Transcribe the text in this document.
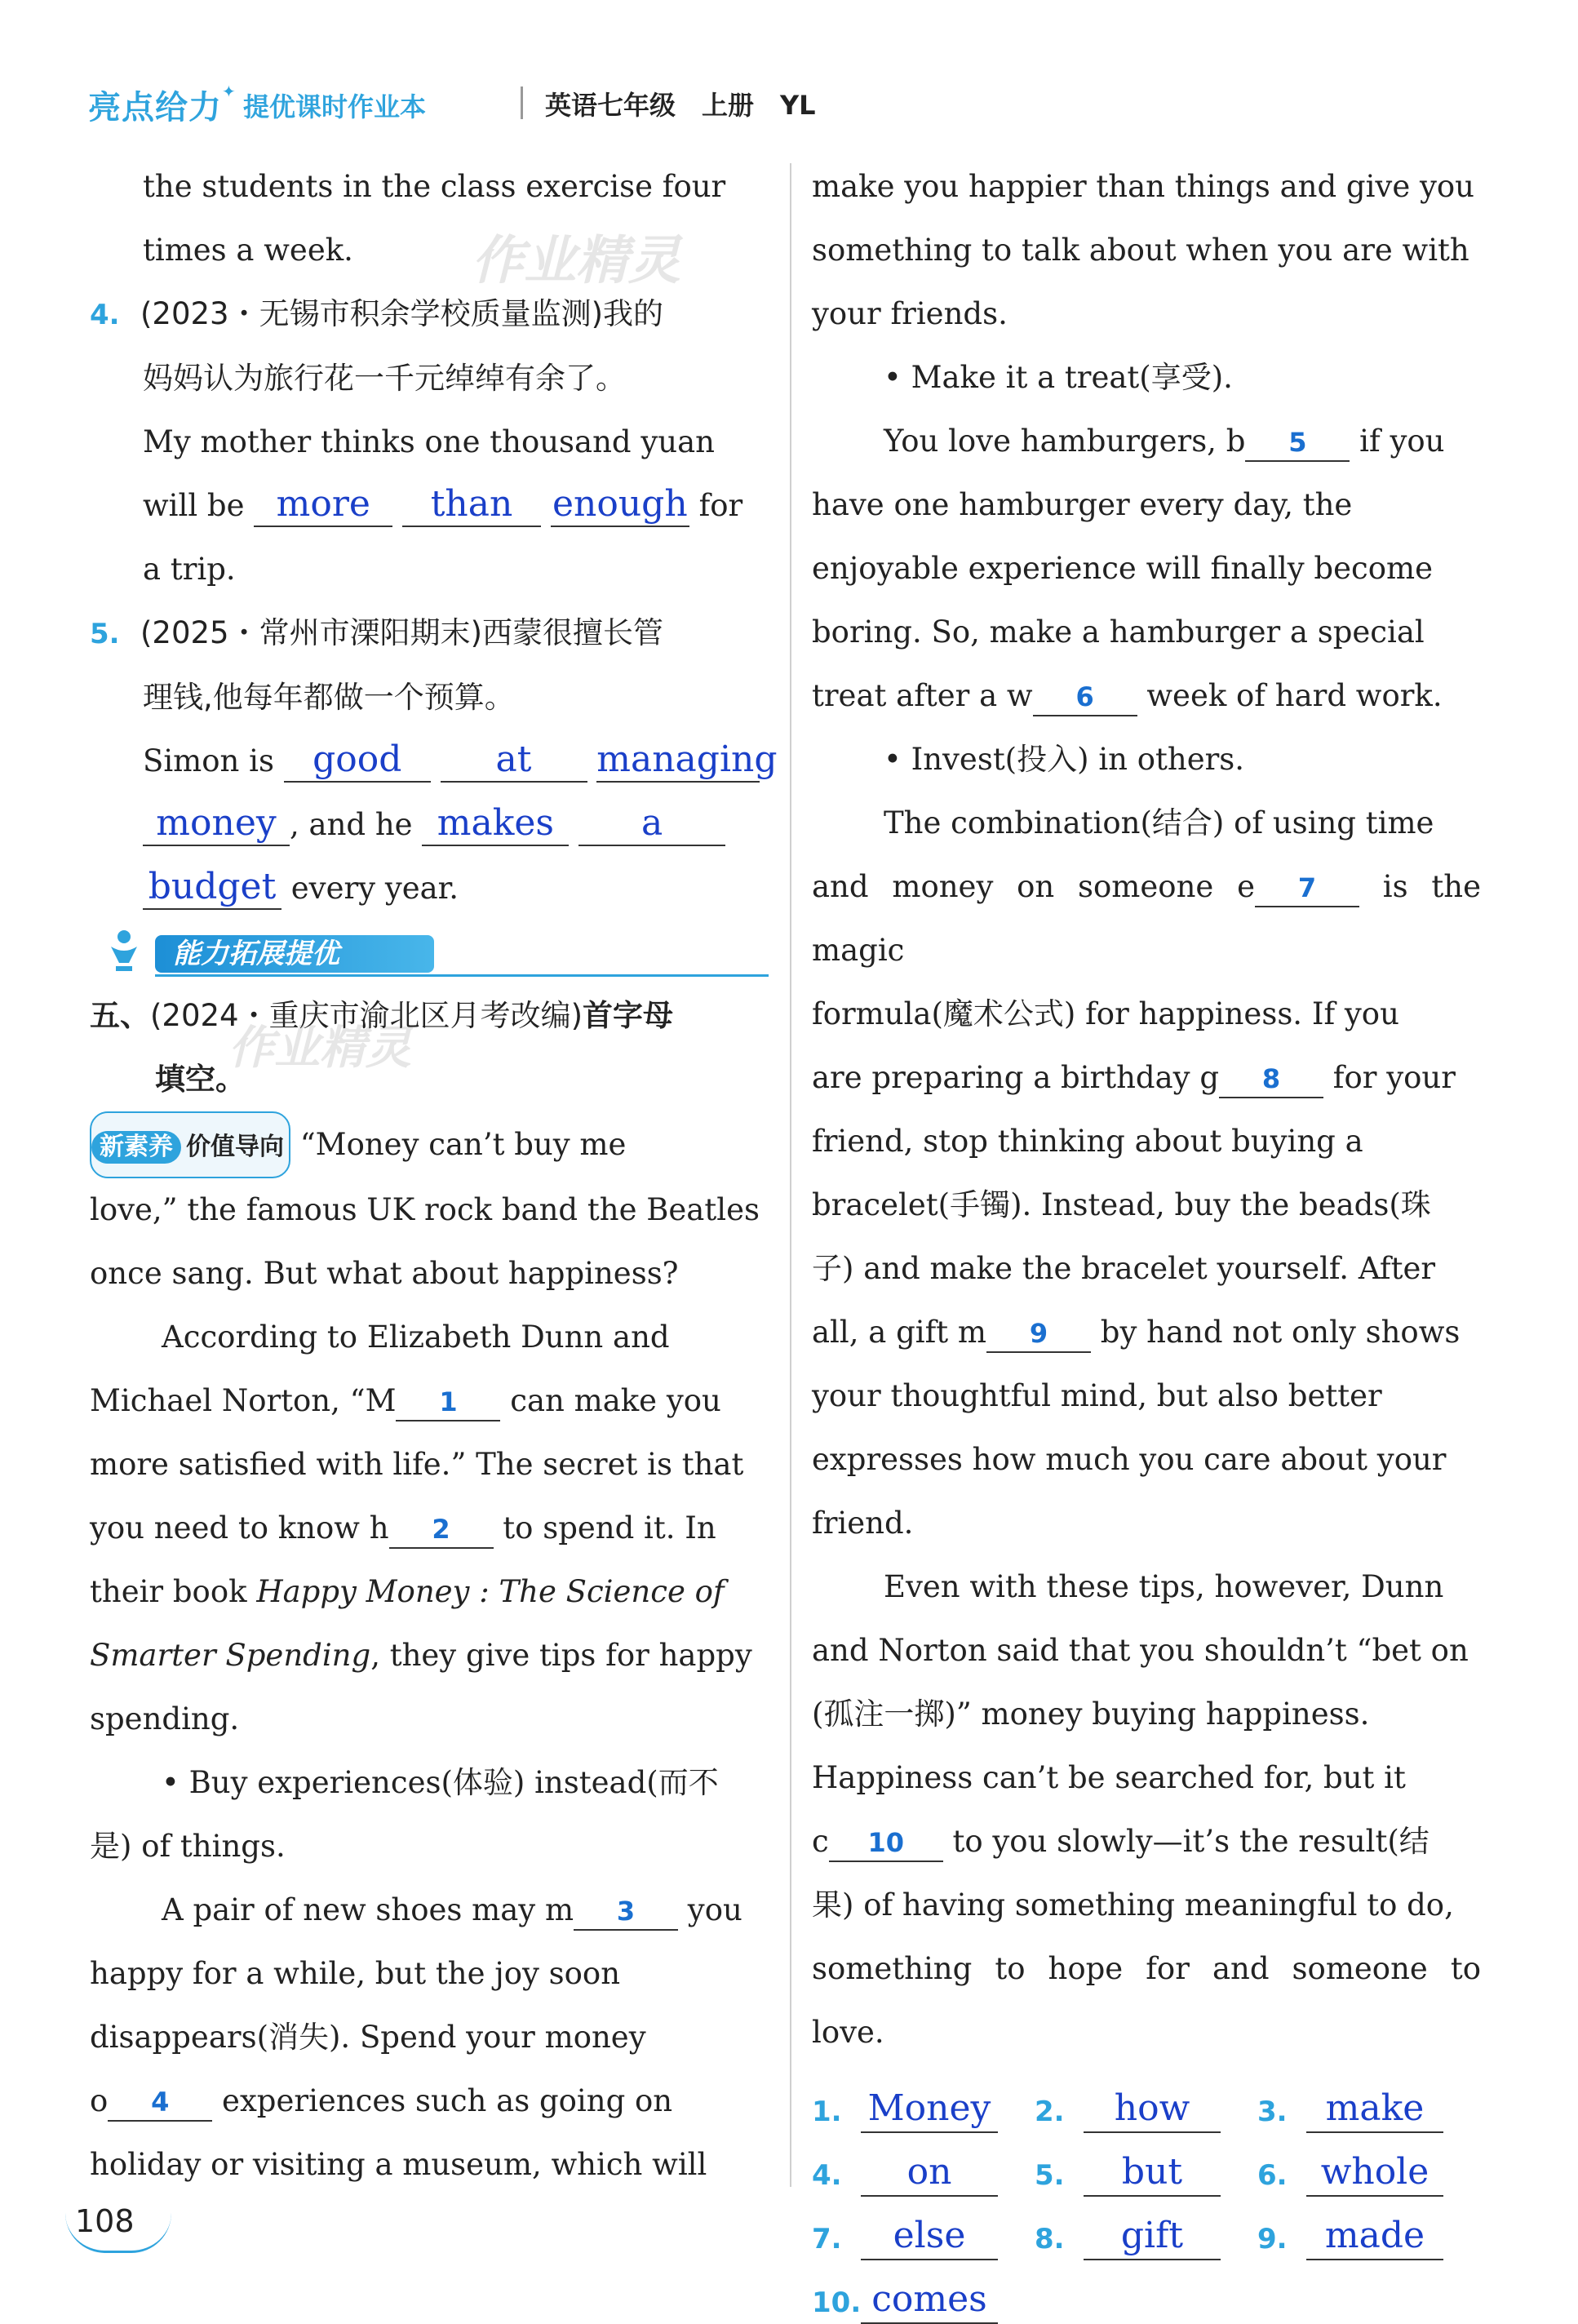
亮点给力✦ 提优课时作业本	英语七年级　上册　YL
作业精灵
作业精灵

the students in the class exercise four

times a week.

4. (2023・无锡市积余学校质量监测)我的

妈妈认为旅行花一千元绰绰有余了。

My mother thinks one thousand yuan

will be more than enough for

a trip.

5. (2025・常州市溧阳期末)西蒙很擅长管

理钱,他每年都做一个预算。

Simon is good	at managing

money , and he makes a

budget every year.

能力拓展提优

五、(2024・重庆市渝北区月考改编)首字母

填空。

新素养 价值导向 “Money can’t buy me

love,” the famous UK rock band the Beatles

once sang. But what about happiness?

According to Elizabeth Dunn and

Michael Norton, “M 1 can make you

more satisfied with life.” The secret is that

you need to know h 2 to spend it. In

their book Happy Money : The Science of

Smarter Spending, they give tips for happy

spending.

• Buy experiences(体验) instead(而不

是) of things.

A pair of new shoes may m 3 you

happy for a while, but the joy soon

disappears(消失). Spend your money

o 4 experiences such as going on

holiday or visiting a museum, which will

make you happier than things and give you

something to talk about when you are with

your friends.

• Make it a treat(享受).

You love hamburgers, b 5 if you

have one hamburger every day, the

enjoyable experience will finally become

boring. So, make a hamburger a special

treat after a w 6 week of hard work.

• Invest(投入) in others.

The combination(结合) of using time

and money on someone e 7 is the magic

formula(魔术公式) for happiness. If you

are preparing a birthday g 8 for your

friend, stop thinking about buying a

bracelet(手镯). Instead, buy the beads(珠

子) and make the bracelet yourself. After

all, a gift m 9 by hand not only shows

your thoughtful mind, but also better

expresses how much you care about your

friend.

Even with these tips, however, Dunn

and Norton said that you shouldn’t “bet on

(孤注一掷)” money buying happiness.

Happiness can’t be searched for, but it

c 10 to you slowly—it’s the result(结

果) of having something meaningful to do,

something to hope for and someone to love.

1. Money 2.	how	3.	make
4.	on	5.	but	6. whole
7.	else	8.	gift	9.	made
10. comes
108
